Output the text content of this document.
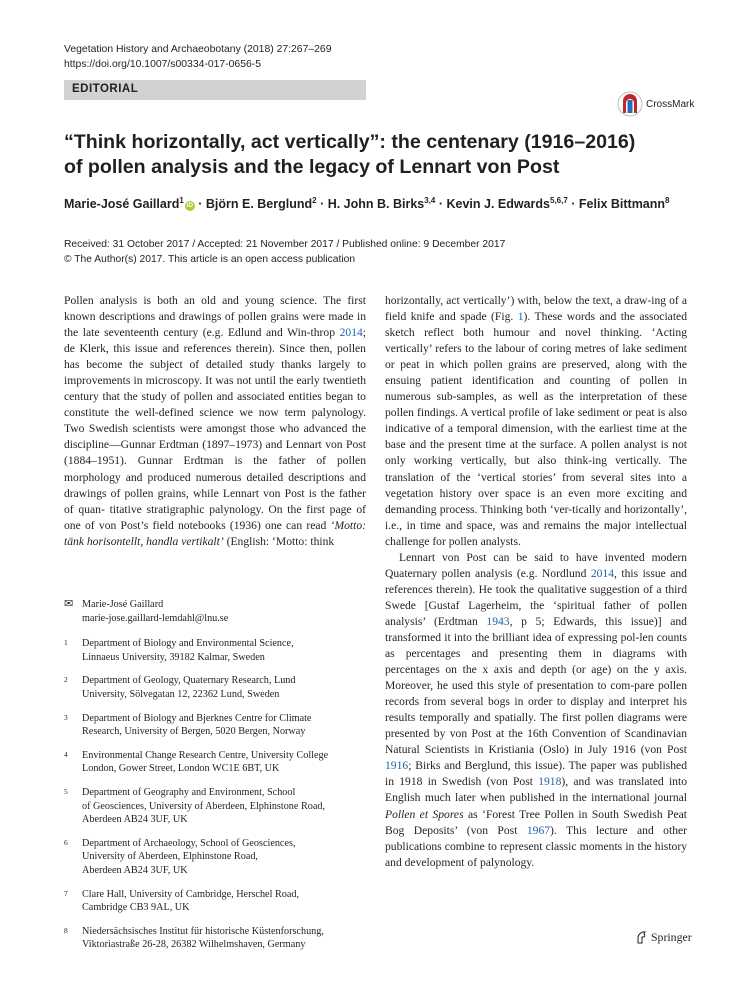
Vegetation History and Archaeobotany (2018) 27:267–269
https://doi.org/10.1007/s00334-017-0656-5
EDITORIAL
CrossMark
“Think horizontally, act vertically”: the centenary (1916–2016)
of pollen analysis and the legacy of Lennart von Post
Marie-José Gaillard$^1$iD · Björn E. Berglund$^2$ · H. John B. Birks$^{3,4}$ · Kevin J. Edwards$^{5,6,7}$ · Felix Bittmann$^8$
Received: 31 October 2017 / Accepted: 21 November 2017 / Published online: 9 December 2017
© The Author(s) 2017. This article is an open access publication

Pollen analysis is both an old and young science. The first known descriptions and drawings of pollen grains were made in the late seventeenth century (e.g. Edlund and Win-throp 2014; de Klerk, this issue and references therein). Since then, pollen has become the subject of detailed study thanks largely to improvements in microscopy. It was not until the early twentieth century that the study of pollen and associated entities began to constitute the well-defined science we now term palynology. Two Swedish scientists were amongst those who advanced the discipline—Gunnar Erdtman (1897–1973) and Lennart von Post (1884–1951). Gunnar Erdtman is the father of pollen morphology and produced numerous detailed descriptions and drawings of pollen grains, while Lennart von Post is the father of quan- titative stratigraphic palynology. On the first page of one of von Post’s field notebooks (1936) one can read ‘Motto: tänk horisontellt, handla vertikalt’ (English: ‘Motto: think

horizontally, act vertically’) with, below the text, a draw-ing of a field knife and spade (Fig. 1). These words and the associated sketch reflect both humour and novel thinking. ‘Acting vertically’ refers to the labour of coring metres of lake sediment or peat in which pollen grains are preserved, along with the ensuing patient identification and counting of pollen in numerous sub-samples, as well as the interpretation of these pollen findings. A vertical profile of lake sediment or peat is also indicative of a temporal dimension, with the earliest time at the base and the present time at the surface. A pollen analyst is not only working vertically, but also think-ing vertically. The translation of the ‘vertical stories’ from several sites into a vegetation history over space is an even more exciting and demanding process. Thinking both ‘ver-tically and horizontally’, i.e., in time and space, was and remains the major intellectual challenge for pollen analysts.

Lennart von Post can be said to have invented modern Quaternary pollen analysis (e.g. Nordlund 2014, this issue and references therein). He took the qualitative suggestion of a third Swede [Gustaf Lagerheim, the ‘spiritual father of pollen analysis’ (Erdtman 1943, p 5; Edwards, this issue)] and transformed it into the brilliant idea of expressing pol-len counts as percentages and presenting them in diagrams with percentages on the x axis and depth (or age) on the y axis. Moreover, he used this style of presentation to com-pare pollen records from several bogs in order to display and interpret his results temporally and spatially. The first pollen diagrams were presented by von Post at the 16th Convention of Scandinavian Natural Scientists in Kristiania (Oslo) in July 1916 (von Post 1916; Birks and Berglund, this issue). The paper was published in 1918 in Swedish (von Post 1918), and was translated into English much later when published in the international journal Pollen et Spores as ‘Forest Tree Pollen in South Swedish Peat Bog Deposits’ (von Post 1967). This lecture and other publications combine to represent classic moments in the history and development of palynology.

✉ Marie-José Gaillard
marie-jose.gaillard-lemdahl@lnu.se
1	Department of Biology and Environmental Science,
Linnaeus University, 39182 Kalmar, Sweden
2	Department of Geology, Quaternary Research, Lund
University, Sölvegatan 12, 22362 Lund, Sweden
3	Department of Biology and Bjerknes Centre for Climate
Research, University of Bergen, 5020 Bergen, Norway
4	Environmental Change Research Centre, University College
London, Gower Street, London WC1E 6BT, UK
5	Department of Geography and Environment, School
of Geosciences, University of Aberdeen, Elphinstone Road,
Aberdeen AB24 3UF, UK
6	Department of Archaeology, School of Geosciences,
University of Aberdeen, Elphinstone Road,
Aberdeen AB24 3UF, UK
7	Clare Hall, University of Cambridge, Herschel Road,
Cambridge CB3 9AL, UK
8	Niedersächsisches Institut für historische Küstenforschung,
Viktoriastraße 26-28, 26382 Wilhelmshaven, Germany
Springer
